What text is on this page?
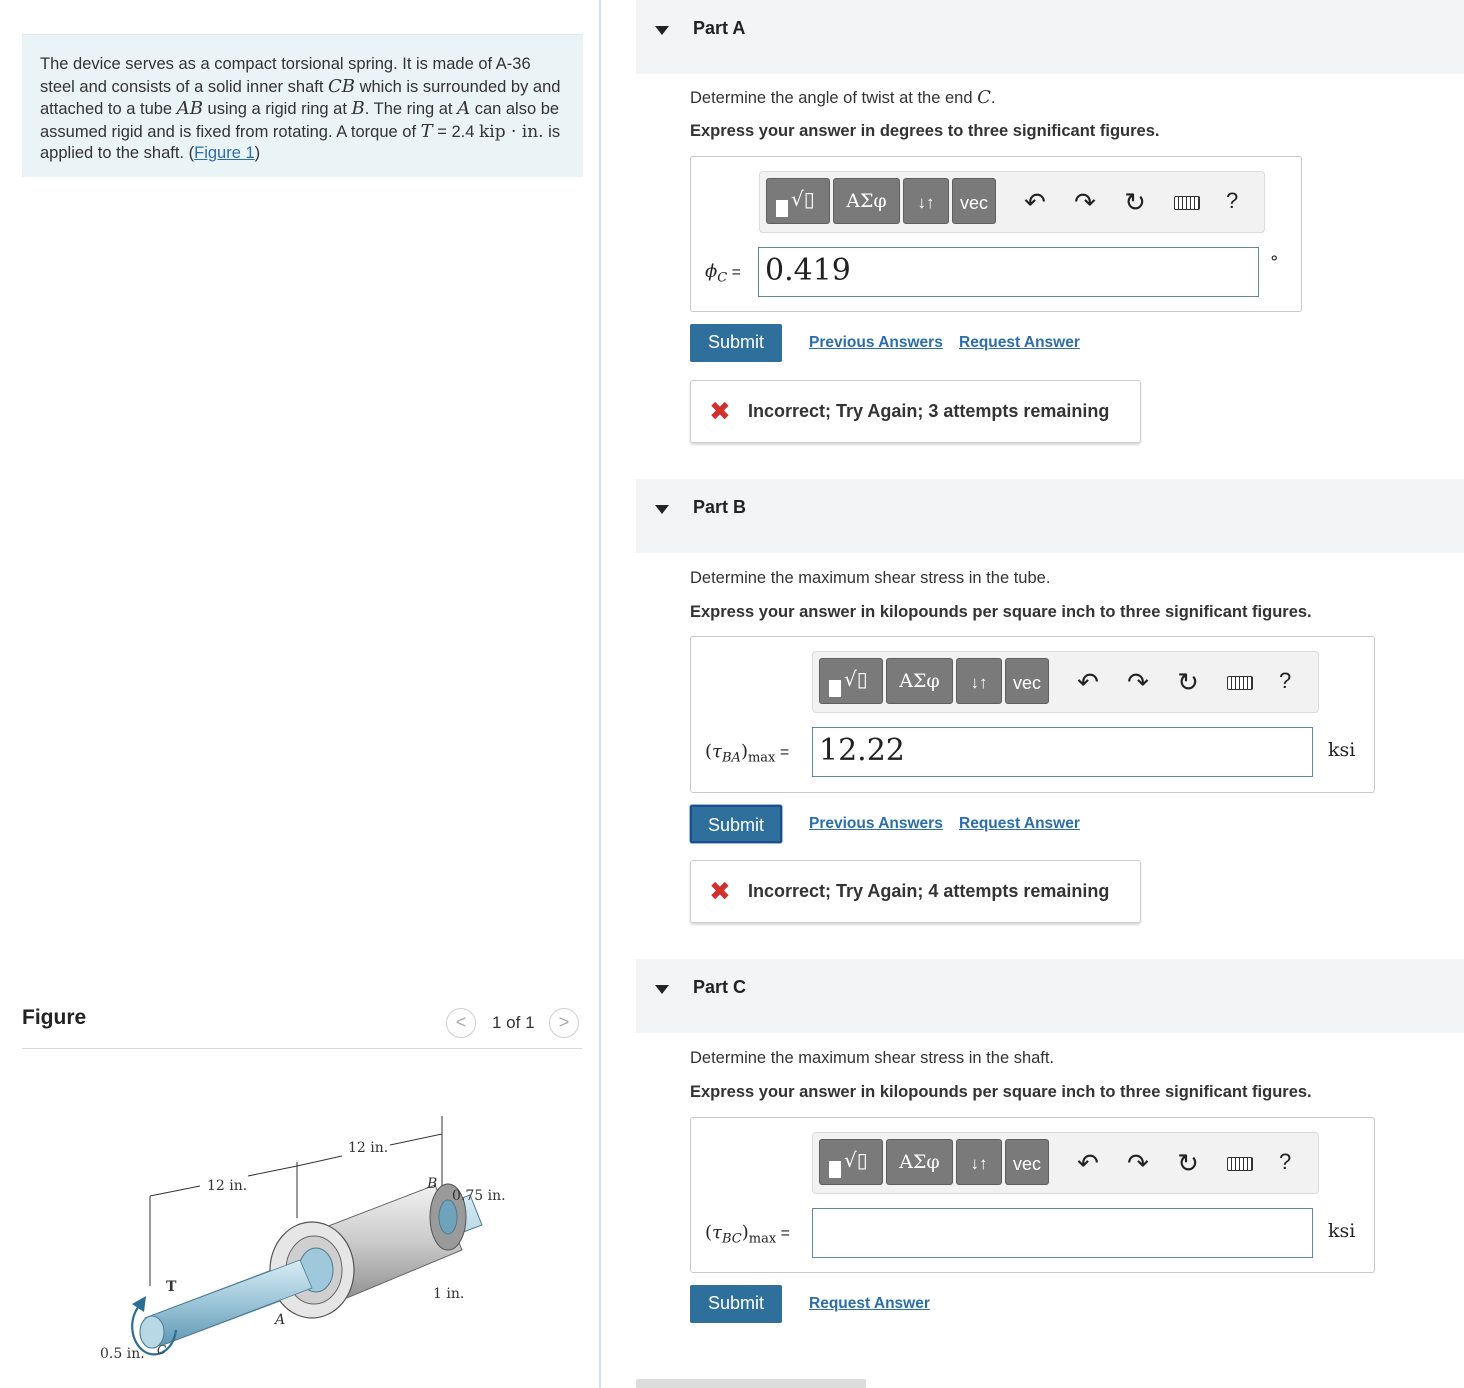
The device serves as a compact torsional spring. It is made of A-36 steel and consists of a solid inner shaft CB which is surrounded by and attached to a tube AB using a rigid ring at B. The ring at A can also be assumed rigid and is fixed from rotating. A torque of T = 2.4 kip · in. is applied to the shaft. (Figure 1)
Figure	<	1 of 1	>
12 in.
12 in.	B
0.75 in.
T	1 in.
A
0.5 in. C
Part A
Determine the angle of twist at the end C.
Express your answer in degrees to three significant figures.
√▯	ΑΣφ	↓↑	vec	↶ ↷ ↻	?
$\phi_C = 0.419$	°
Submit	Previous Answers Request Answer
✖ Incorrect; Try Again; 3 attempts remaining
Part B
Determine the maximum shear stress in the tube.
Express your answer in kilopounds per square inch to three significant figures.
√▯	ΑΣφ	↓↑	vec	↶ ↷ ↻	?
$(\tau_{BA})_{max} = 12.22$	ksi
Submit	Previous Answers Request Answer
✖ Incorrect; Try Again; 4 attempts remaining
Part C
Determine the maximum shear stress in the shaft.
Express your answer in kilopounds per square inch to three significant figures.
√▯	ΑΣφ	↓↑	vec	↶ ↷ ↻	?
$(\tau_{BC})_{max}$ =	ksi
Submit	Request Answer
